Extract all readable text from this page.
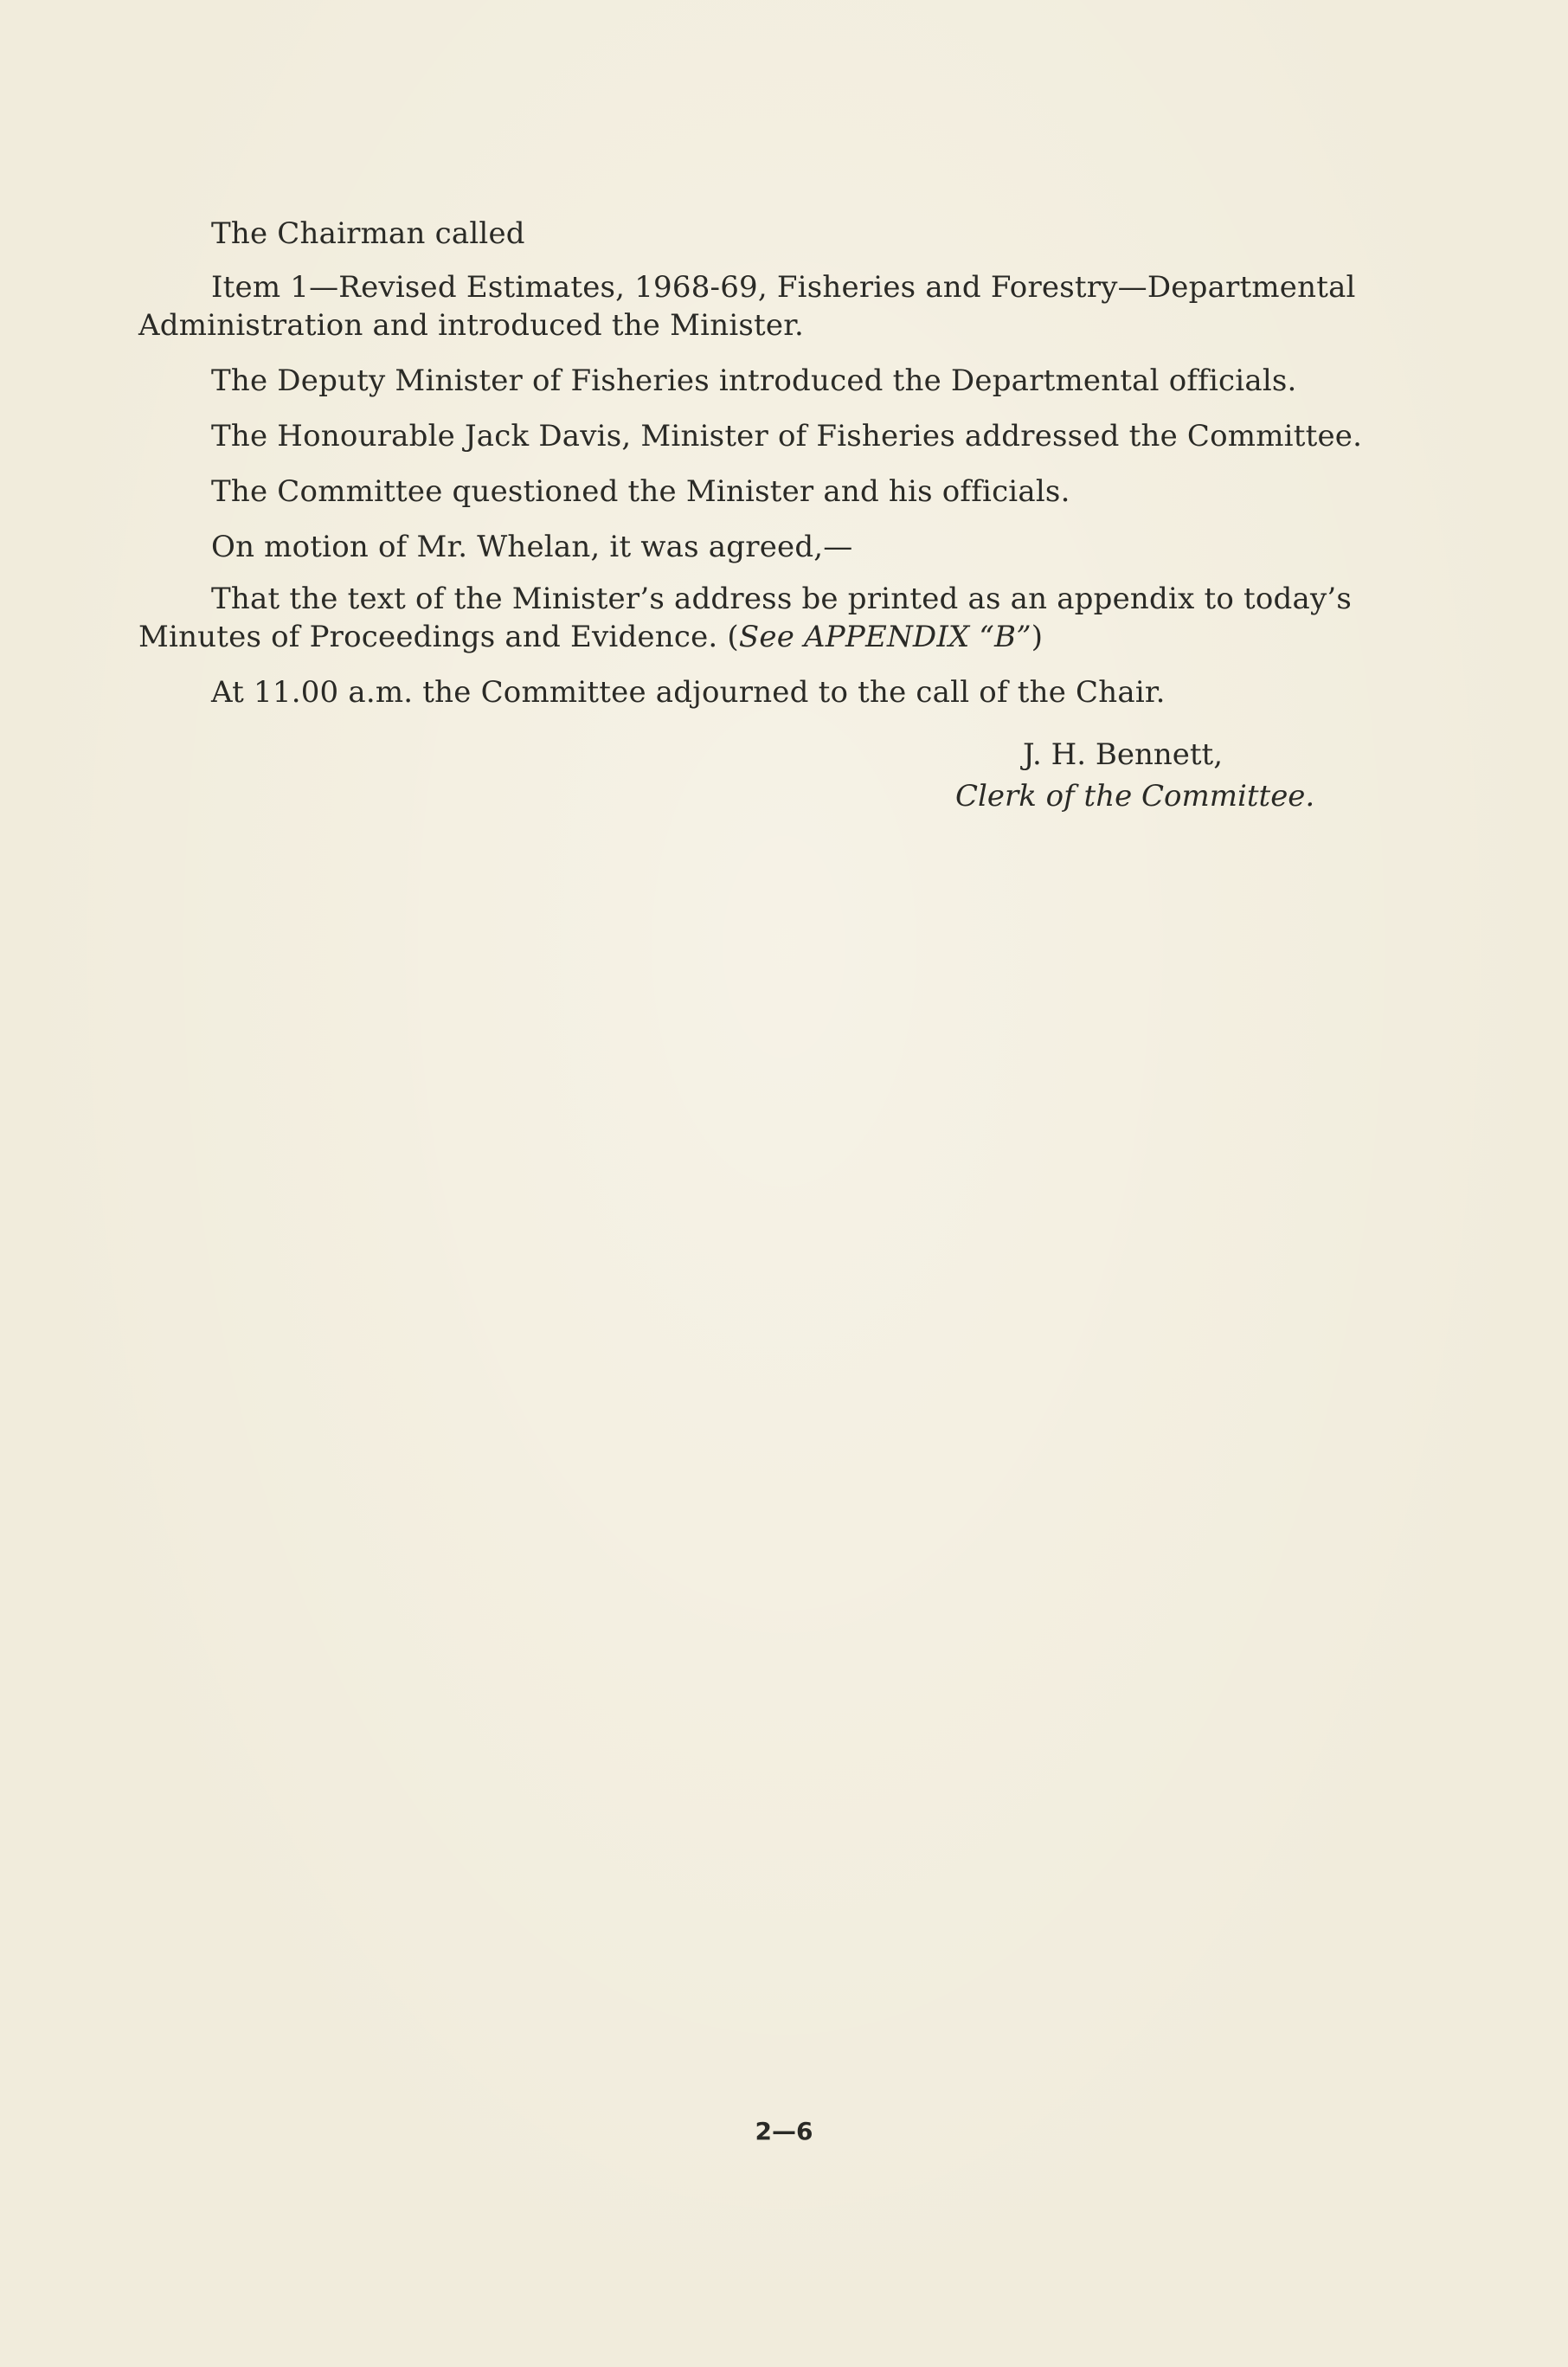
The Chairman called

Item 1—Revised Estimates, 1968-69, Fisheries and Forestry—Departmental Administration and introduced the Minister.

The Deputy Minister of Fisheries introduced the Departmental officials.

The Honourable Jack Davis, Minister of Fisheries addressed the Committee.

The Committee questioned the Minister and his officials.

On motion of Mr. Whelan, it was agreed,—

That the text of the Minister’s address be printed as an appendix to today’s Minutes of Proceedings and Evidence. (See APPENDIX “B”)

At 11.00 a.m. the Committee adjourned to the call of the Chair.

J. H. Bennett,
Clerk of the Committee.
2—6
